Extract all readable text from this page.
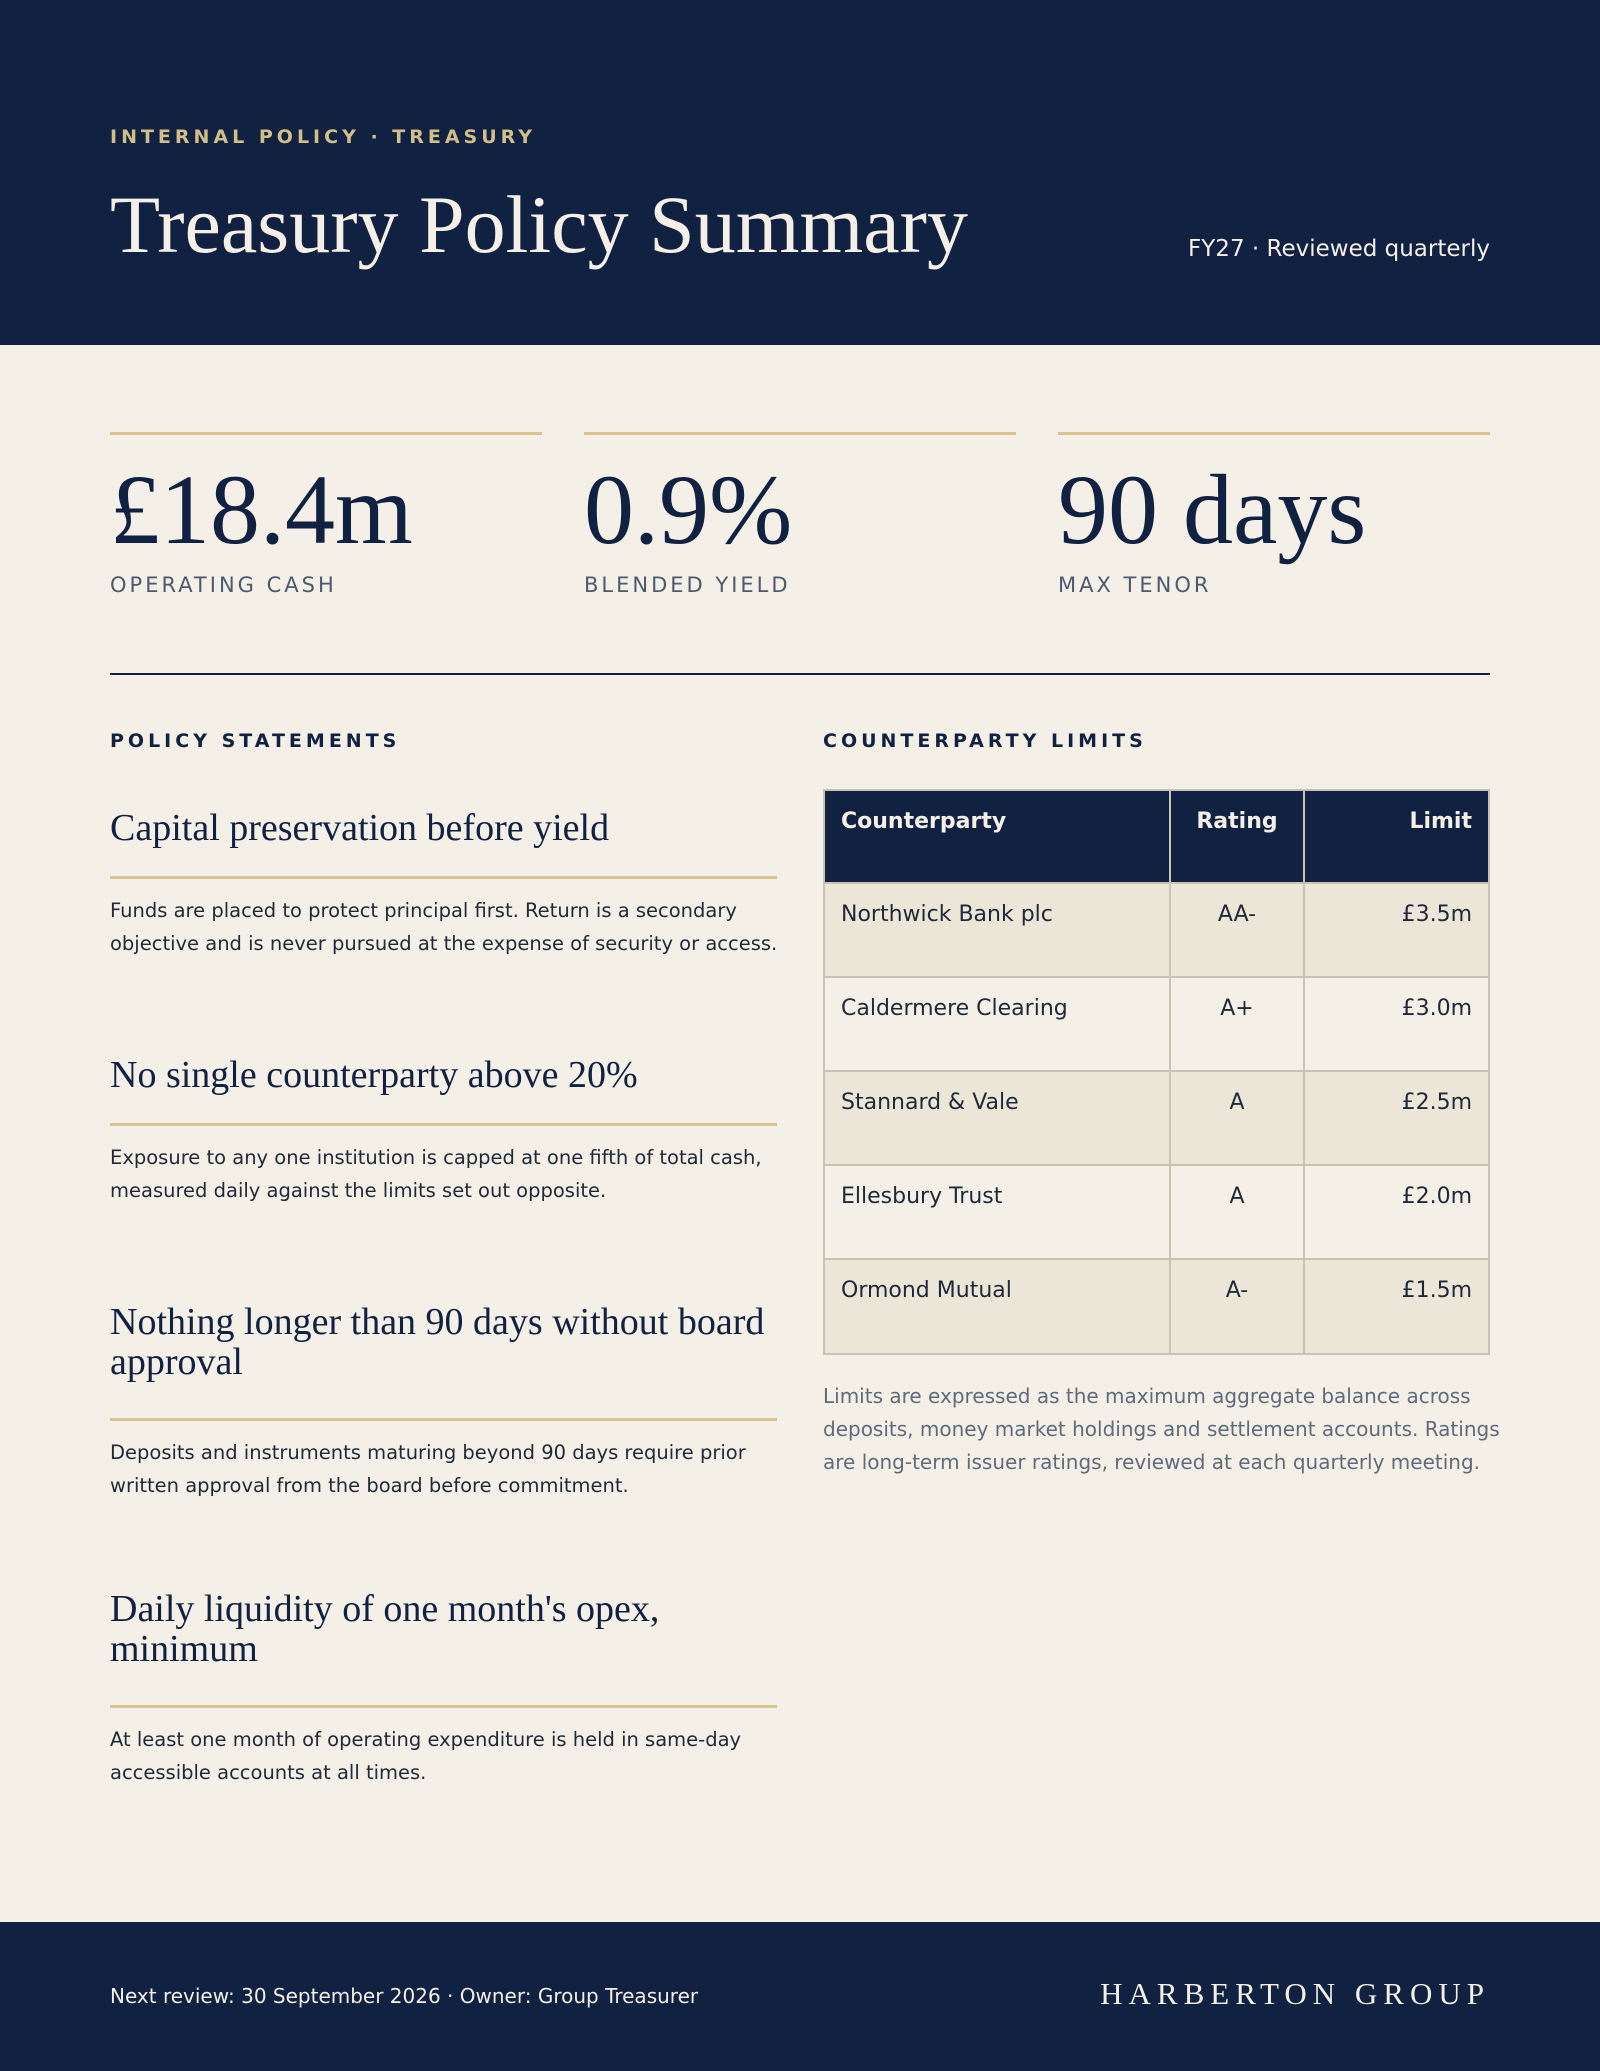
INTERNAL POLICY · TREASURY
Treasury Policy Summary	FY27 · Reviewed quarterly
£18.4m
OPERATING CASH
0.9%
BLENDED YIELD
90 days
MAX TENOR
POLICY STATEMENTS
Capital preservation before yield
Funds are placed to protect principal first. Return is a secondary objective and is never pursued at the expense of security or access.
No single counterparty above 20%
Exposure to any one institution is capped at one fifth of total cash, measured daily against the limits set out opposite.
Nothing longer than 90 days without board approval
Deposits and instruments maturing beyond 90 days require prior written approval from the board before commitment.
Daily liquidity of one month's opex, minimum
At least one month of operating expenditure is held in same-day accessible accounts at all times.
COUNTERPARTY LIMITS
Counterparty	Rating	Limit
Northwick Bank plc	AA-	£3.5m
Caldermere Clearing	A+	£3.0m
Stannard & Vale	A	£2.5m
Ellesbury Trust	A	£2.0m
Ormond Mutual	A-	£1.5m
Limits are expressed as the maximum aggregate balance across deposits, money market holdings and settlement accounts. Ratings are long-term issuer ratings, reviewed at each quarterly meeting.
Next review: 30 September 2026 · Owner: Group Treasurer	HARBERTON GROUP
